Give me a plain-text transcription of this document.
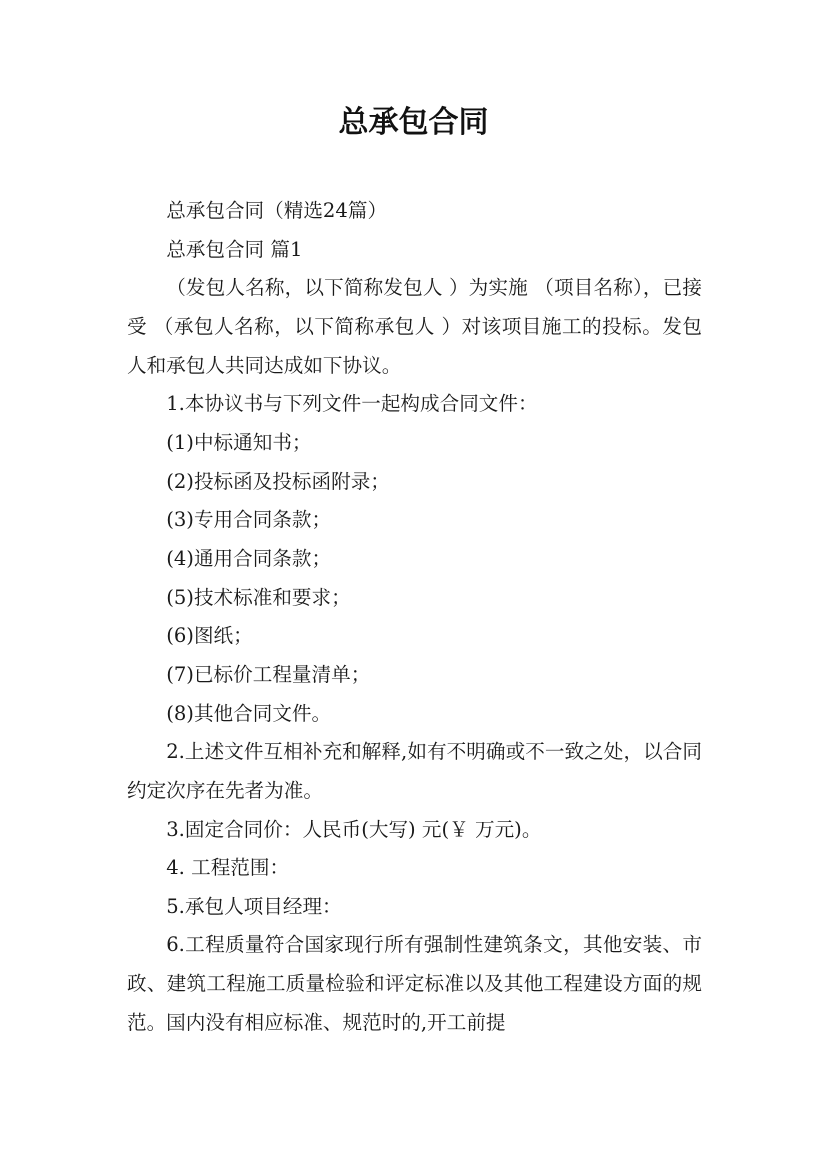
总承包合同

总承包合同（精选24篇）

总承包合同 篇1

（发包人名称，以下简称发包人 ）为实施 （项目名称），已接受 （承包人名称，以下简称承包人 ）对该项目施工的投标。发包人和承包人共同达成如下协议。

1.本协议书与下列文件一起构成合同文件：

(1)中标通知书；

(2)投标函及投标函附录；

(3)专用合同条款；

(4)通用合同条款；

(5)技术标准和要求；

(6)图纸；

(7)已标价工程量清单；

(8)其他合同文件。

2.上述文件互相补充和解释,如有不明确或不一致之处，以合同约定次序在先者为准。

3.固定合同价：人民币(大写) 元(￥ 万元)。

4. 工程范围：

5.承包人项目经理：

6.工程质量符合国家现行所有强制性建筑条文，其他安装、市政、建筑工程施工质量检验和评定标准以及其他工程建设方面的规范。国内没有相应标准、规范时的,开工前提
